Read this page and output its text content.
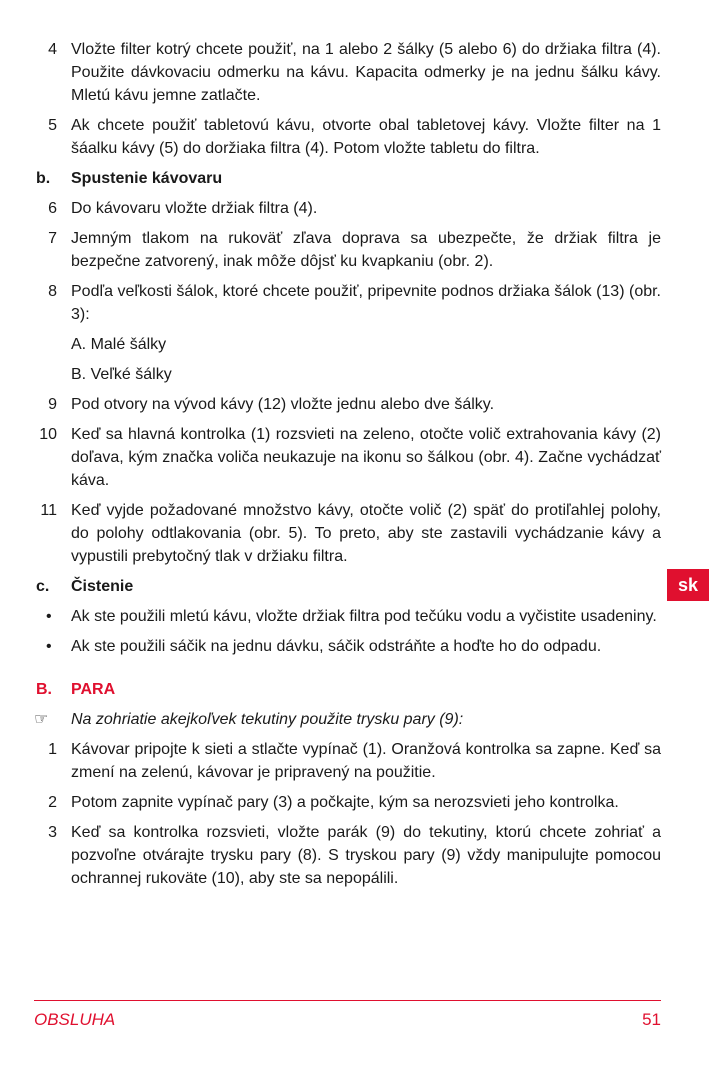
4 Vložte filter kotrý chcete použiť, na 1 alebo 2 šálky (5 alebo 6) do držiaka filtra (4). Použite dávkovaciu odmerku na kávu. Kapacita odmerky je na jednu šálku kávy. Mletú kávu jemne zatlačte.
5 Ak chcete použiť tabletovú kávu, otvorte obal tabletovej kávy. Vložte filter na 1 šáalku kávy (5) do doržiaka filtra (4). Potom vložte tabletu do filtra.
b. Spustenie kávovaru
6 Do kávovaru vložte držiak filtra (4).
7 Jemným tlakom na rukoväť zľava doprava sa ubezpečte, že držiak filtra je bezpečne zatvorený, inak môže dôjsť ku kvapkaniu (obr. 2).
8 Podľa veľkosti šálok, ktoré chcete použiť, pripevnite podnos držiaka šálok (13) (obr. 3):
A. Malé šálky
B. Veľké šálky
9 Pod otvory na vývod kávy (12) vložte jednu alebo dve šálky.
10 Keď sa hlavná kontrolka (1) rozsvieti na zeleno, otočte volič extrahovania kávy (2) doľava, kým značka voliča neukazuje na ikonu so šálkou (obr. 4). Začne vychádzať káva.
11 Keď vyjde požadované množstvo kávy, otočte volič (2) späť do protiľahlej polohy, do polohy odtlakovania (obr. 5). To preto, aby ste zastavili vychádzanie kávy a vypustili prebytočný tlak v držiaku filtra.
c. Čistenie
• Ak ste použili mletú kávu, vložte držiak filtra pod tečúku vodu a vyčistite usadeniny.
• Ak ste použili sáčik na jednu dávku, sáčik odstráňte a hoďte ho do odpadu.
B. PARA
☞ Na zohriatie akejkoľvek tekutiny použite trysku pary (9):
1 Kávovar pripojte k sieti a stlačte vypínač (1). Oranžová kontrolka sa zapne. Keď sa zmení na zelenú, kávovar je pripravený na použitie.
2 Potom zapnite vypínač pary (3) a počkajte, kým sa nerozsvieti jeho kontrolka.
3 Keď sa kontrolka rozsvieti, vložte parák (9) do tekutiny, ktorú chcete zohriať a pozvoľne otvárajte trysku pary (8). S tryskou pary (9) vždy manipulujte pomocou ochrannej rukoväte (10), aby ste sa nepopálili.
sk
OBSLUHA	51
